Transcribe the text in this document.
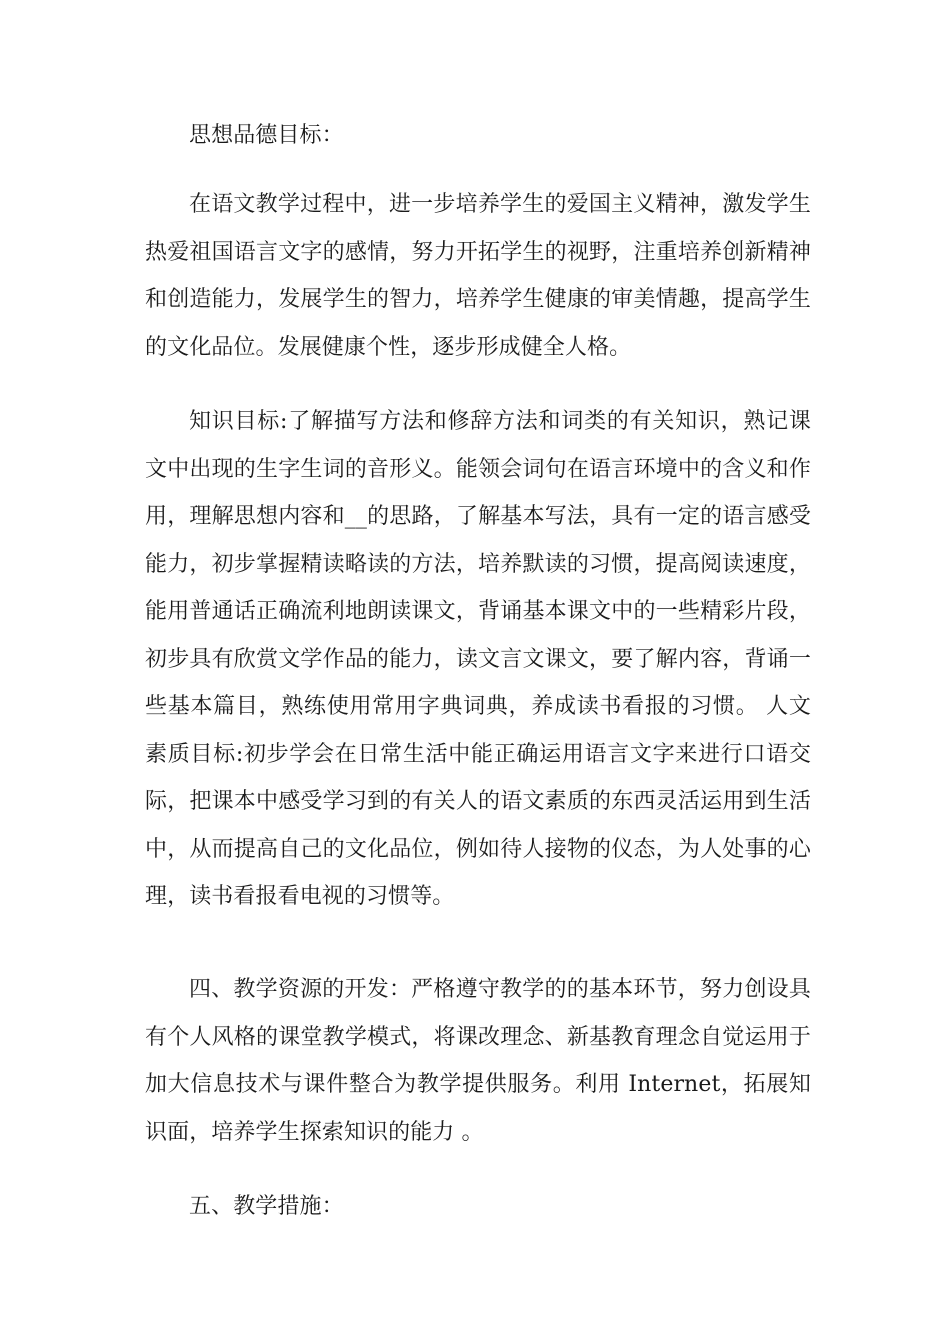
思想品德目标：

在语文教学过程中，进一步培养学生的爱国主义精神，激发学生热爱祖国语言文字的感情，努力开拓学生的视野，注重培养创新精神和创造能力，发展学生的智力，培养学生健康的审美情趣，提高学生的文化品位。发展健康个性，逐步形成健全人格。

知识目标:了解描写方法和修辞方法和词类的有关知识，熟记课文中出现的生字生词的音形义。能领会词句在语言环境中的含义和作用，理解思想内容和__的思路，了解基本写法，具有一定的语言感受能力，初步掌握精读略读的方法，培养默读的习惯，提高阅读速度，能用普通话正确流利地朗读课文，背诵基本课文中的一些精彩片段，初步具有欣赏文学作品的能力，读文言文课文，要了解内容，背诵一些基本篇目，熟练使用常用字典词典，养成读书看报的习惯。 人文素质目标:初步学会在日常生活中能正确运用语言文字来进行口语交际，把课本中感受学习到的有关人的语文素质的东西灵活运用到生活中，从而提高自己的文化品位，例如待人接物的仪态，为人处事的心理，读书看报看电视的习惯等。

四、教学资源的开发：严格遵守教学的的基本环节，努力创设具有个人风格的课堂教学模式，将课改理念、新基教育理念自觉运用于加大信息技术与课件整合为教学提供服务。利用 Internet，拓展知识面，培养学生探索知识的能力 。

五、教学措施：
